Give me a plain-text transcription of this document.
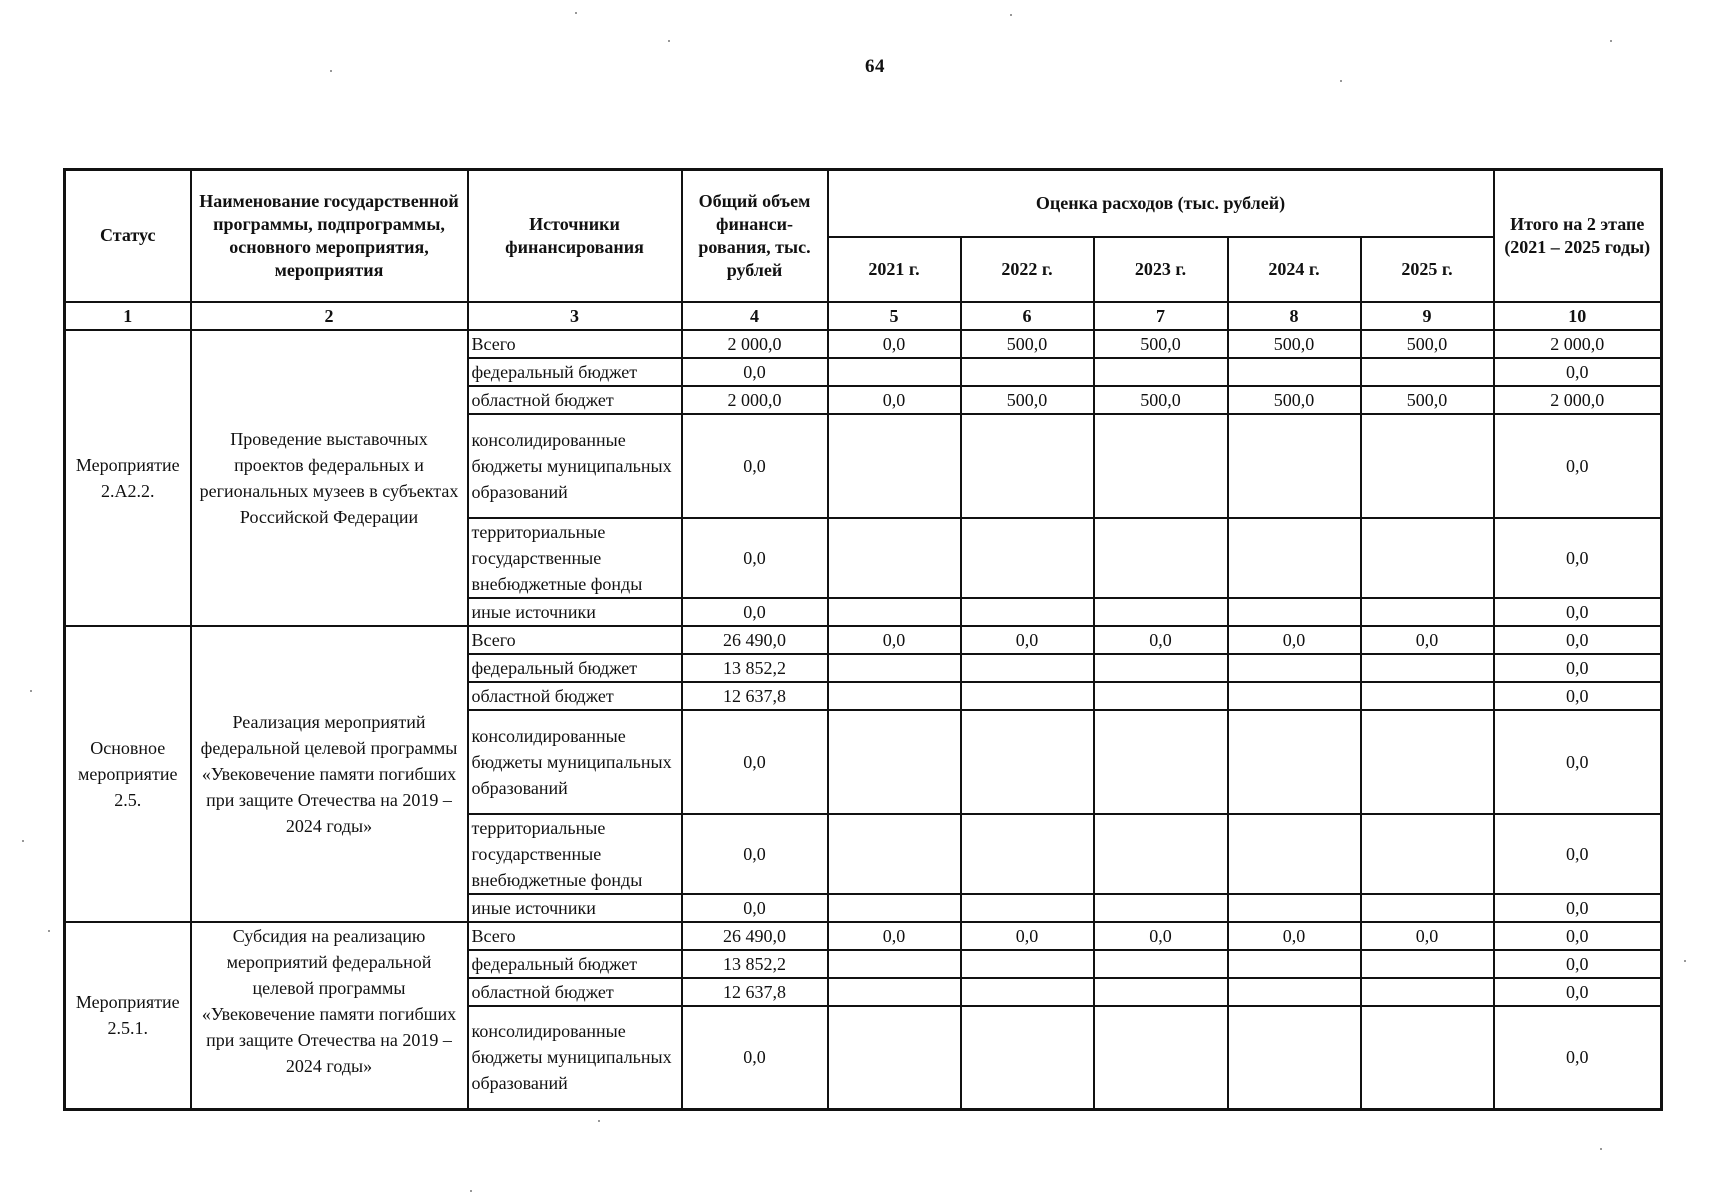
64
Статус	Наименование государственной программы, подпрограммы, основного мероприятия, мероприятия	Источники финансирования	Общий объем финанси-рования, тыс. рублей	Оценка расходов (тыс. рублей)					Итого на 2 этапе (2021 – 2025 годы)
				2021 г.	2022 г.	2023 г.	2024 г.	2025 г.	
1	2	3	4	5	6	7	8	9	10
Мероприятие 2.А2.2.	Проведение выставочных проектов федеральных и региональных музеев в субъектах Российской Федерации	Всего	2 000,0	0,0	500,0	500,0	500,0	500,0	2 000,0
		федеральный бюджет	0,0						0,0
		областной бюджет	2 000,0	0,0	500,0	500,0	500,0	500,0	2 000,0
		консолидированные бюджеты муниципальных образований	0,0						0,0
		территориальные государственные внебюджетные фонды	0,0						0,0
		иные источники	0,0						0,0
Основное мероприятие 2.5.	Реализация мероприятий федеральной целевой программы «Увековечение памяти погибших при защите Отечества на 2019 – 2024 годы»	Всего	26 490,0	0,0	0,0	0,0	0,0	0,0	0,0
		федеральный бюджет	13 852,2						0,0
		областной бюджет	12 637,8						0,0
		консолидированные бюджеты муниципальных образований	0,0						0,0
		территориальные государственные внебюджетные фонды	0,0						0,0
		иные источники	0,0						0,0
Мероприятие 2.5.1.	Субсидия на реализацию мероприятий федеральной целевой программы «Увековечение памяти погибших при защите Отечества на 2019 – 2024 годы»	Всего	26 490,0	0,0	0,0	0,0	0,0	0,0	0,0
		федеральный бюджет	13 852,2						0,0
		областной бюджет	12 637,8						0,0
		консолидированные бюджеты муниципальных образований	0,0						0,0
